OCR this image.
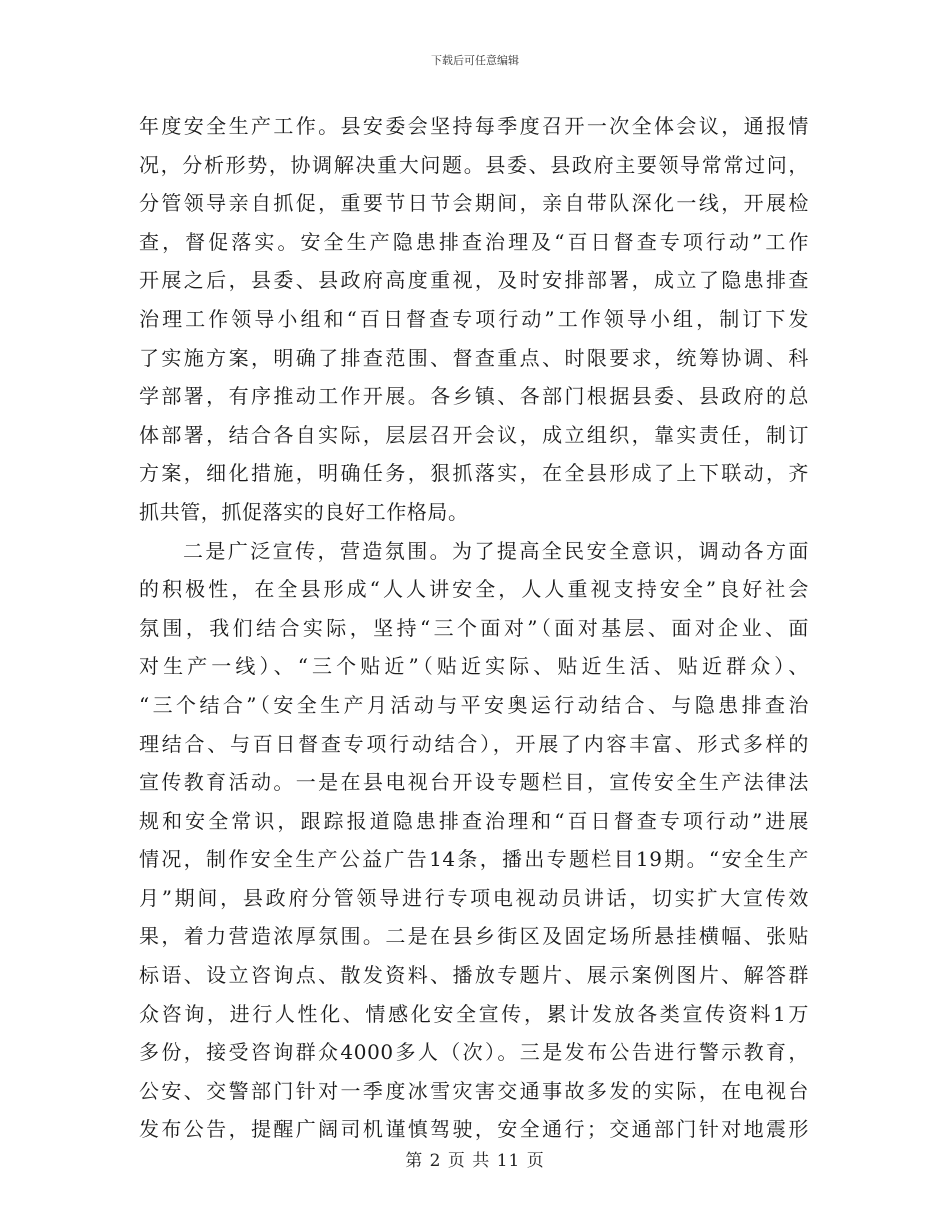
下载后可任意编辑
年度安全生产工作。县安委会坚持每季度召开一次全体会议，通报情
况，分析形势，协调解决重大问题。县委、县政府主要领导常常过问，
分管领导亲自抓促，重要节日节会期间，亲自带队深化一线，开展检
查，督促落实。安全生产隐患排查治理及“百日督查专项行动”工作
开展之后，县委、县政府高度重视，及时安排部署，成立了隐患排查
治理工作领导小组和“百日督查专项行动”工作领导小组，制订下发
了实施方案，明确了排查范围、督查重点、时限要求，统筹协调、科
学部署，有序推动工作开展。各乡镇、各部门根据县委、县政府的总
体部署，结合各自实际，层层召开会议，成立组织，靠实责任，制订
方案，细化措施，明确任务，狠抓落实，在全县形成了上下联动，齐
抓共管，抓促落实的良好工作格局。
二是广泛宣传，营造氛围。为了提高全民安全意识，调动各方面
的积极性，在全县形成“人人讲安全，人人重视支持安全”良好社会
氛围，我们结合实际，坚持“三个面对”（面对基层、面对企业、面
对生产一线）、“三个贴近”（贴近实际、贴近生活、贴近群众）、
“三个结合”（安全生产月活动与平安奥运行动结合、与隐患排查治
理结合、与百日督查专项行动结合），开展了内容丰富、形式多样的
宣传教育活动。一是在县电视台开设专题栏目，宣传安全生产法律法
规和安全常识，跟踪报道隐患排查治理和“百日督查专项行动”进展
情况，制作安全生产公益广告14条，播出专题栏目19期。“安全生产
月”期间，县政府分管领导进行专项电视动员讲话，切实扩大宣传效
果，着力营造浓厚氛围。二是在县乡街区及固定场所悬挂横幅、张贴
标语、设立咨询点、散发资料、播放专题片、展示案例图片、解答群
众咨询，进行人性化、情感化安全宣传，累计发放各类宣传资料1万
多份，接受咨询群众4000多人（次）。三是发布公告进行警示教育，
公安、交警部门针对一季度冰雪灾害交通事故多发的实际，在电视台
发布公告，提醒广阔司机谨慎驾驶，安全通行；交通部门针对地震形
第 2 页 共 11 页
